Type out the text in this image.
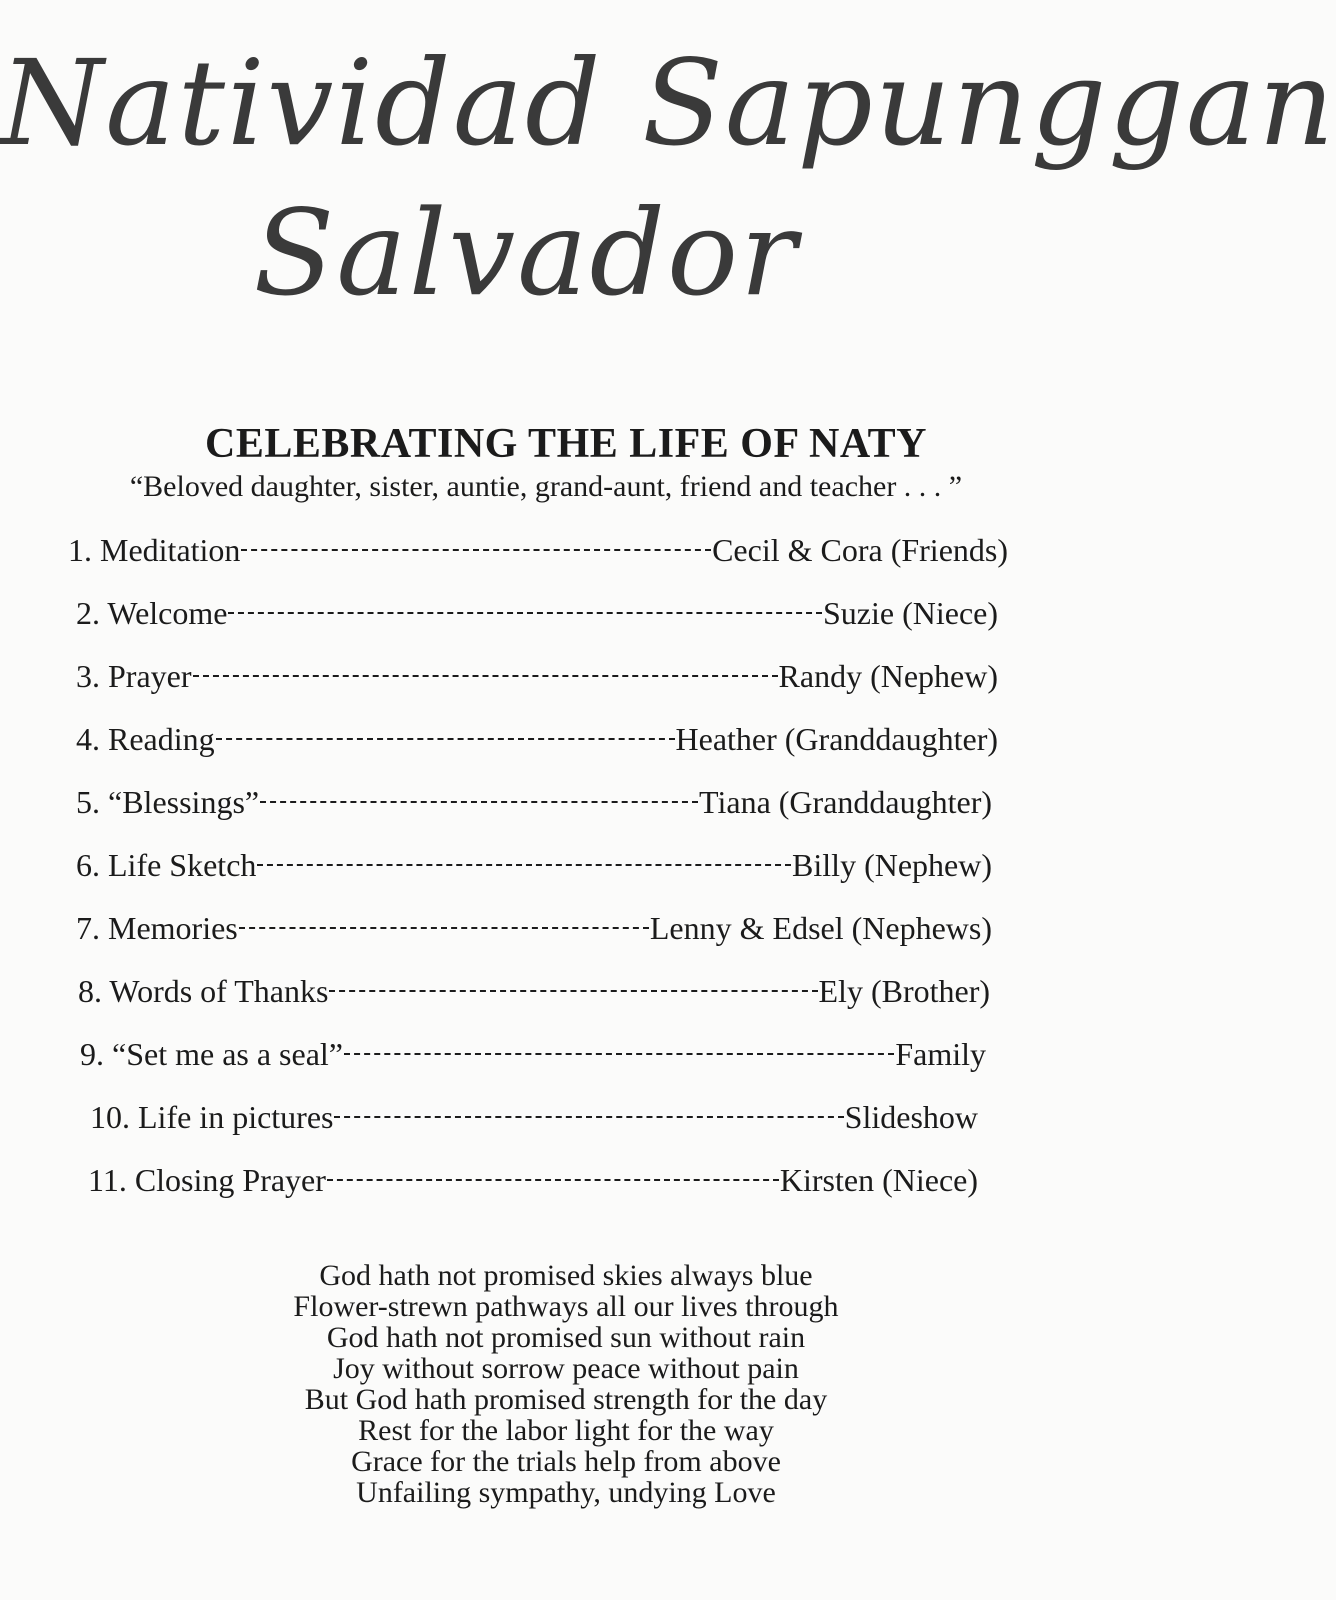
Natividad Sapunggan
Salvador
CELEBRATING THE LIFE OF NATY
“Beloved daughter, sister, auntie, grand-aunt, friend and teacher . . . ”
1. Meditation	Cecil & Cora (Friends)
2. Welcome	Suzie (Niece)
3. Prayer	Randy (Nephew)
4. Reading	Heather (Granddaughter)
5. “Blessings”	Tiana (Granddaughter)
6. Life Sketch	Billy (Nephew)
7. Memories	Lenny & Edsel (Nephews)
8. Words of Thanks	Ely (Brother)
9. “Set me as a seal”	Family
10. Life in pictures	Slideshow
11. Closing Prayer	Kirsten (Niece)
God hath not promised skies always blue
Flower-strewn pathways all our lives through
God hath not promised sun without rain
Joy without sorrow peace without pain
But God hath promised strength for the day
Rest for the labor light for the way
Grace for the trials help from above
Unfailing sympathy, undying Love
